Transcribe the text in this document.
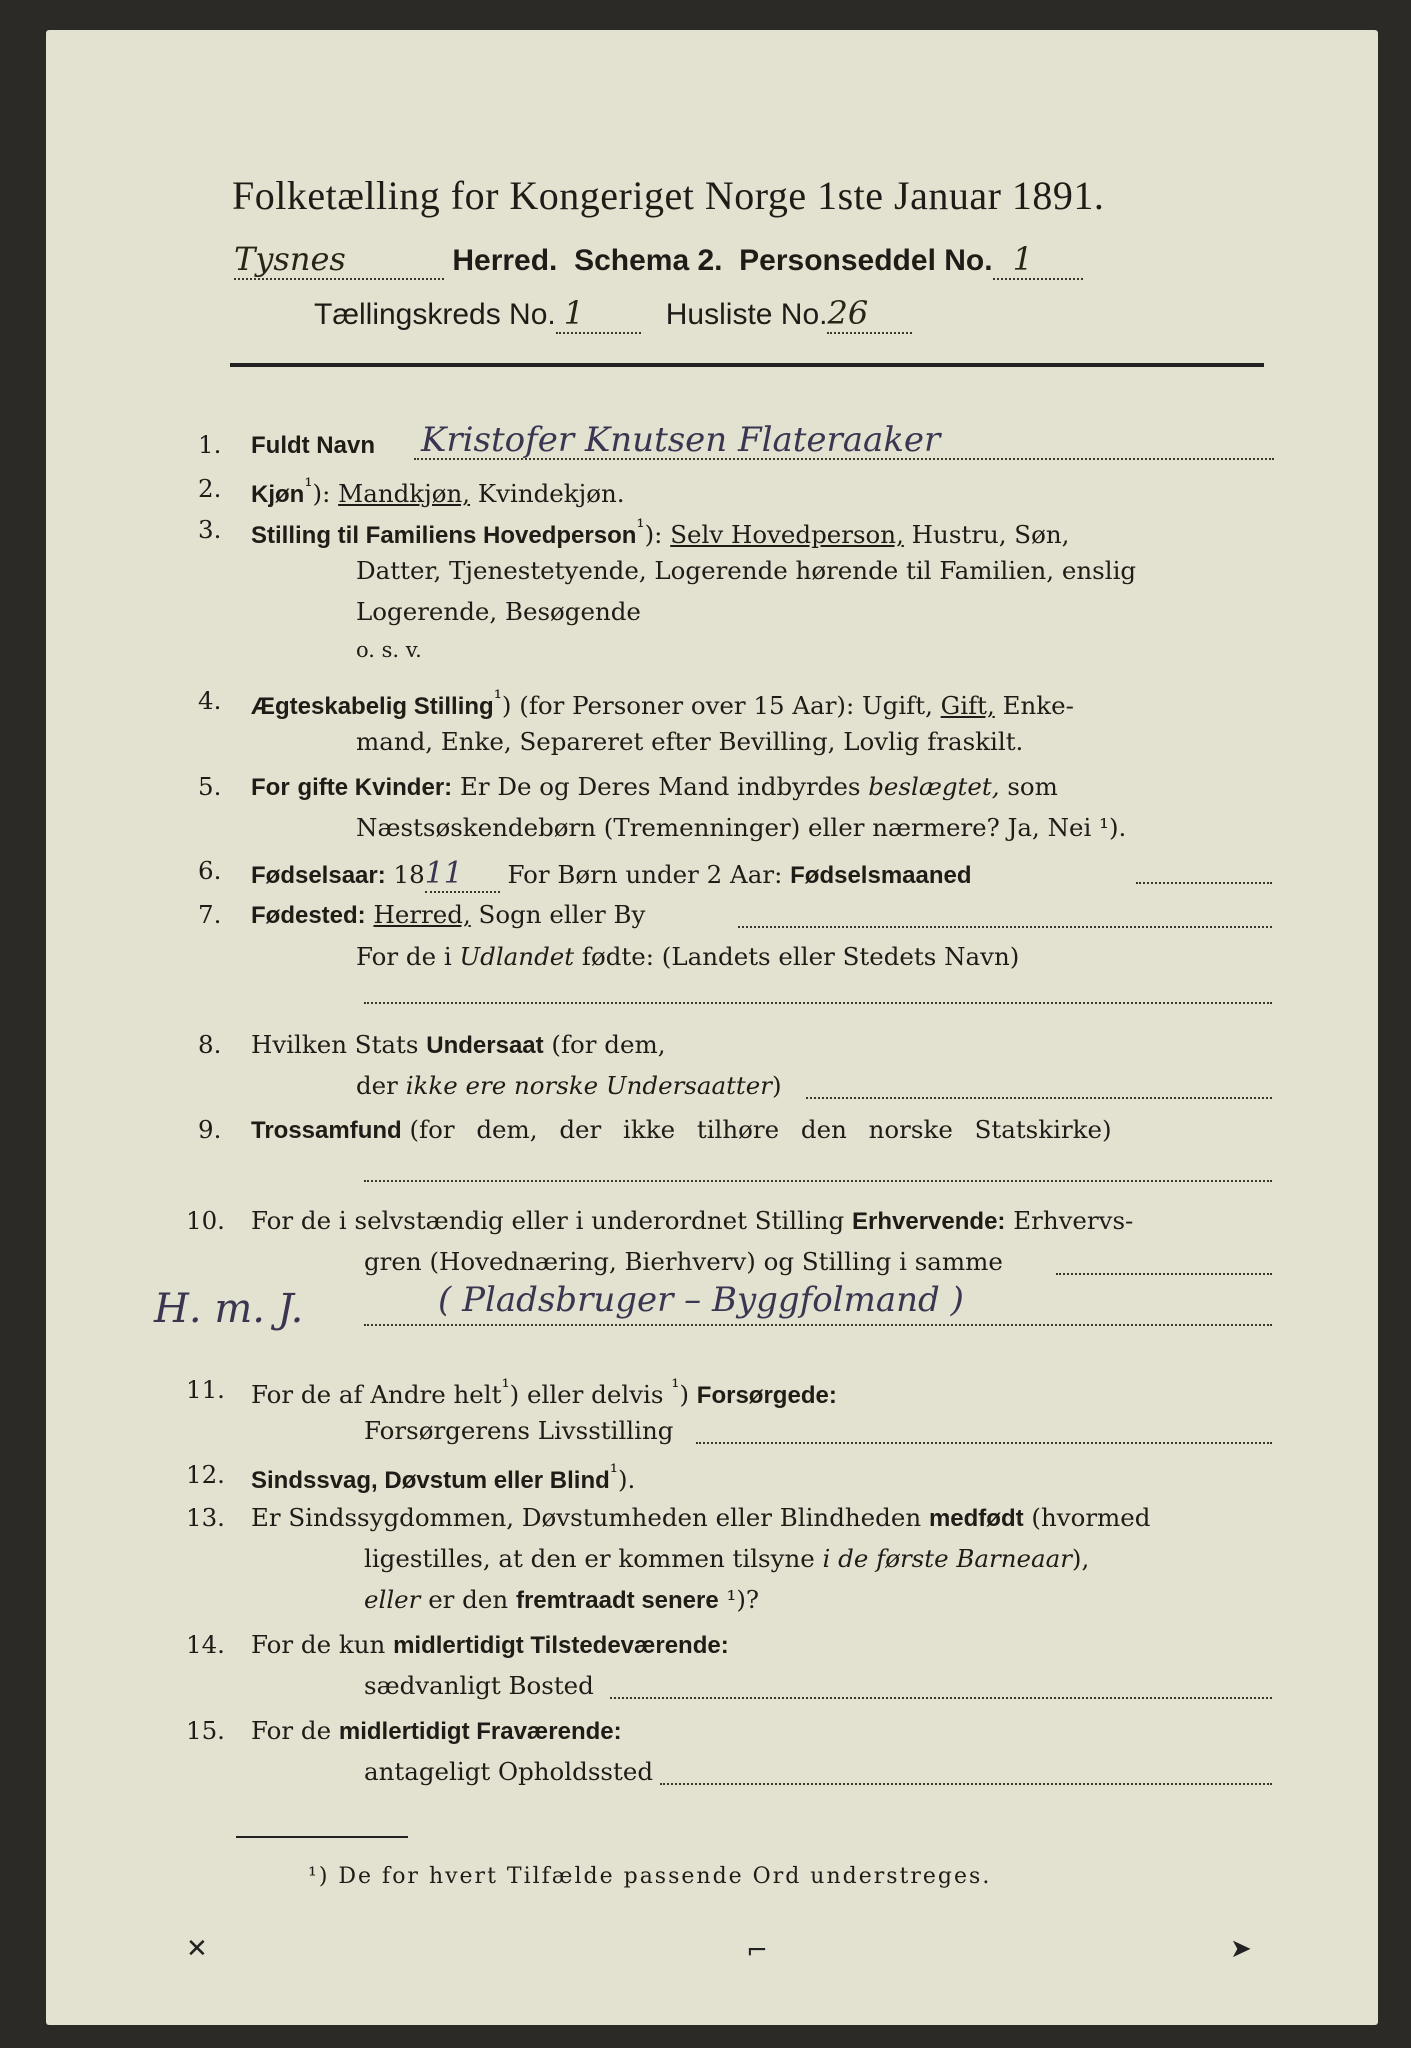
Folketælling for Kongeriget Norge 1ste Januar 1891.
Tysnes	Herred. Schema 2. Personseddel No. 1
Tællingskreds No. 1	Husliste No.26
1. Fuldt Navn Kristofer Knutsen Flateraaker
2. Kjøn$^{^1}$): Mandkjøn, Kvindekjøn.
3. Stilling til Familiens Hovedperson$^{^1}$): Selv Hovedperson, Hustru, Søn,
Datter, Tjenestetyende, Logerende hørende til Familien, enslig
Logerende, Besøgende
o. s. v.
4. Ægteskabelig Stilling$^{^1}$) (for Personer over 15 Aar): Ugift, Gift, Enke-
mand, Enke, Separeret efter Bevilling, Lovlig fraskilt.
5. For gifte Kvinder: Er De og Deres Mand indbyrdes beslægtet, som
Næstsøskendebørn (Tremenninger) eller nærmere? Ja, Nei ¹).
6. Fødselsaar: 1811 For Børn under 2 Aar: Fødselsmaaned
7. Fødested: Herred, Sogn eller By
For de i Udlandet fødte: (Landets eller Stedets Navn)
8. Hvilken Stats Undersaat (for dem,
der ikke ere norske Undersaatter)
9. Trossamfund (for dem, der ikke tilhøre den norske Statskirke)
10. For de i selvstændig eller i underordnet Stilling Erhvervende: Erhvervs-
gren (Hovednæring, Bierhverv) og Stilling i samme
H. m. J.	( Pladsbruger – Byggfolmand )
11. For de af Andre helt$^{^1}$) eller delvis $^{^1}$) Forsørgede:
Forsørgerens Livsstilling
12. Sindssvag, Døvstum eller Blind$^{^1}$).
13. Er Sindssygdommen, Døvstumheden eller Blindheden medfødt (hvormed
ligestilles, at den er kommen tilsyne i de første Barneaar),
eller er den fremtraadt senere ¹)?
14. For de kun midlertidigt Tilstedeværende:
sædvanligt Bosted
15. For de midlertidigt Fraværende:
antageligt Opholdssted
¹) De for hvert Tilfælde passende Ord understreges.
✕	⌐	➤
